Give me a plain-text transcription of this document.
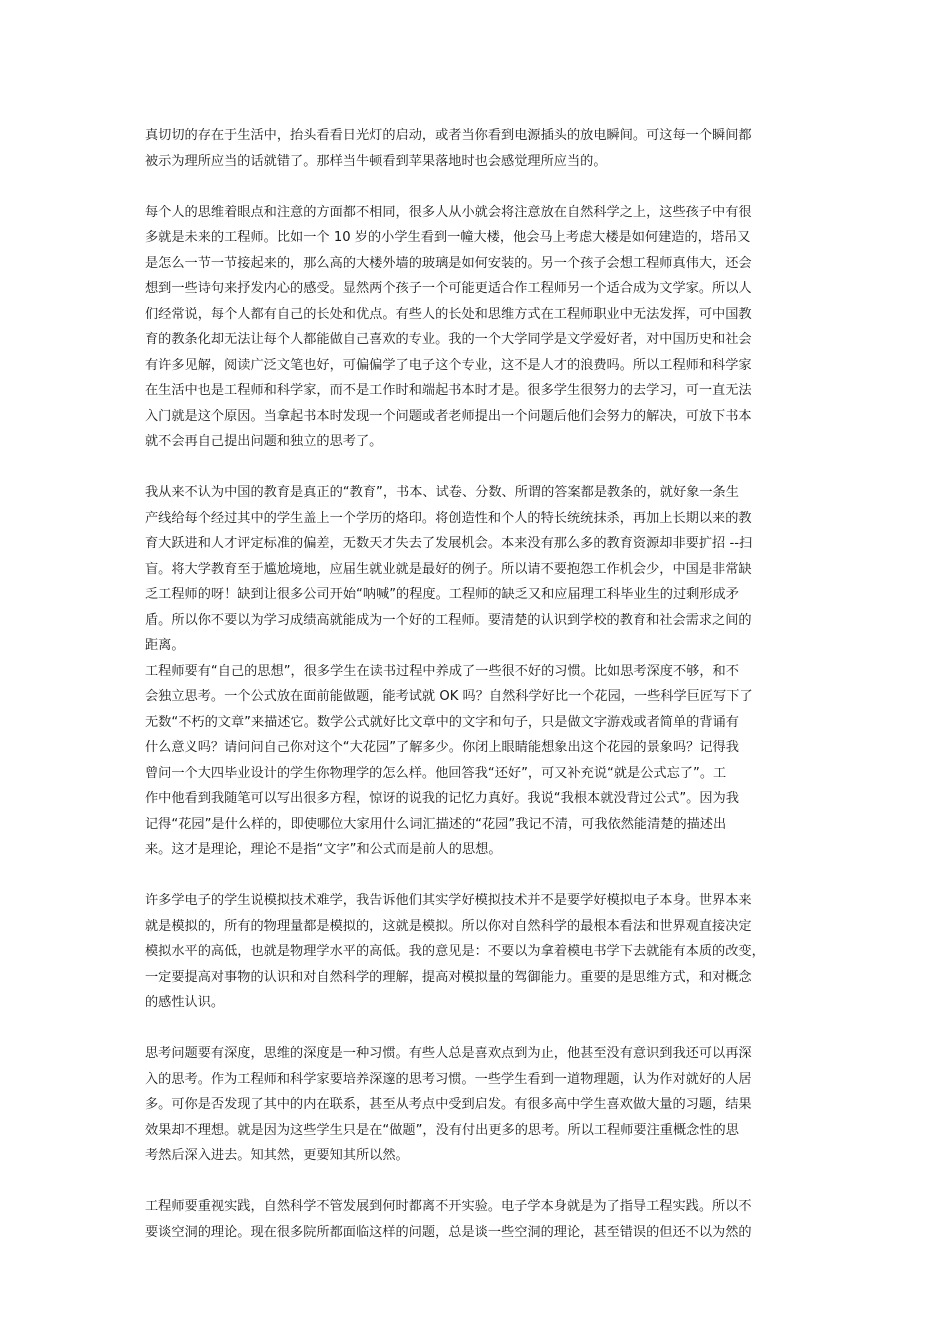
真切切的存在于生活中，抬头看看日光灯的启动，或者当你看到电源插头的放电瞬间。可这每一个瞬间都
被示为理所应当的话就错了。那样当牛顿看到苹果落地时也会感觉理所应当的。

每个人的思维着眼点和注意的方面都不相同，很多人从小就会将注意放在自然科学之上，这些孩子中有很
多就是未来的工程师。比如一个 10 岁的小学生看到一幢大楼，他会马上考虑大楼是如何建造的，塔吊又
是怎么一节一节接起来的，那么高的大楼外墙的玻璃是如何安装的。另一个孩子会想工程师真伟大，还会
想到一些诗句来抒发内心的感受。显然两个孩子一个可能更适合作工程师另一个适合成为文学家。所以人
们经常说，每个人都有自己的长处和优点。有些人的长处和思维方式在工程师职业中无法发挥，可中国教
育的教条化却无法让每个人都能做自己喜欢的专业。我的一个大学同学是文学爱好者，对中国历史和社会
有许多见解，阅读广泛文笔也好，可偏偏学了电子这个专业，这不是人才的浪费吗。所以工程师和科学家
在生活中也是工程师和科学家，而不是工作时和端起书本时才是。很多学生很努力的去学习，可一直无法
入门就是这个原因。当拿起书本时发现一个问题或者老师提出一个问题后他们会努力的解决，可放下书本
就不会再自己提出问题和独立的思考了。

我从来不认为中国的教育是真正的“教育”，书本、试卷、分数、所谓的答案都是教条的，就好象一条生
产线给每个经过其中的学生盖上一个学历的烙印。将创造性和个人的特长统统抹杀，再加上长期以来的教
育大跃进和人才评定标准的偏差，无数天才失去了发展机会。本来没有那么多的教育资源却非要扩招 --扫
盲。将大学教育至于尴尬境地，应届生就业就是最好的例子。所以请不要抱怨工作机会少，中国是非常缺
乏工程师的呀！缺到让很多公司开始“呐喊”的程度。工程师的缺乏又和应届理工科毕业生的过剩形成矛
盾。所以你不要以为学习成绩高就能成为一个好的工程师。要清楚的认识到学校的教育和社会需求之间的
距离。
工程师要有“自己的思想”，很多学生在读书过程中养成了一些很不好的习惯。比如思考深度不够，和不
会独立思考。一个公式放在面前能做题，能考试就 OK 吗？自然科学好比一个花园，一些科学巨匠写下了
无数“不朽的文章”来描述它。数学公式就好比文章中的文字和句子，只是做文字游戏或者简单的背诵有
什么意义吗？请问问自己你对这个“大花园”了解多少。你闭上眼睛能想象出这个花园的景象吗？记得我
曾问一个大四毕业设计的学生你物理学的怎么样。他回答我“还好”，可又补充说“就是公式忘了”。工
作中他看到我随笔可以写出很多方程，惊讶的说我的记忆力真好。我说“我根本就没背过公式”。因为我
记得“花园”是什么样的，即使哪位大家用什么词汇描述的“花园”我记不清，可我依然能清楚的描述出
来。这才是理论，理论不是指“文字”和公式而是前人的思想。

许多学电子的学生说模拟技术难学，我告诉他们其实学好模拟技术并不是要学好模拟电子本身。世界本来
就是模拟的，所有的物理量都是模拟的，这就是模拟。所以你对自然科学的最根本看法和世界观直接决定
模拟水平的高低，也就是物理学水平的高低。我的意见是：不要以为拿着模电书学下去就能有本质的改变，
一定要提高对事物的认识和对自然科学的理解，提高对模拟量的驾御能力。重要的是思维方式，和对概念
的感性认识。

思考问题要有深度，思维的深度是一种习惯。有些人总是喜欢点到为止，他甚至没有意识到我还可以再深
入的思考。作为工程师和科学家要培养深邃的思考习惯。一些学生看到一道物理题，认为作对就好的人居
多。可你是否发现了其中的内在联系，甚至从考点中受到启发。有很多高中学生喜欢做大量的习题，结果
效果却不理想。就是因为这些学生只是在“做题”，没有付出更多的思考。所以工程师要注重概念性的思
考然后深入进去。知其然，更要知其所以然。

工程师要重视实践，自然科学不管发展到何时都离不开实验。电子学本身就是为了指导工程实践。所以不
要谈空洞的理论。现在很多院所都面临这样的问题，总是谈一些空洞的理论，甚至错误的但还不以为然的
